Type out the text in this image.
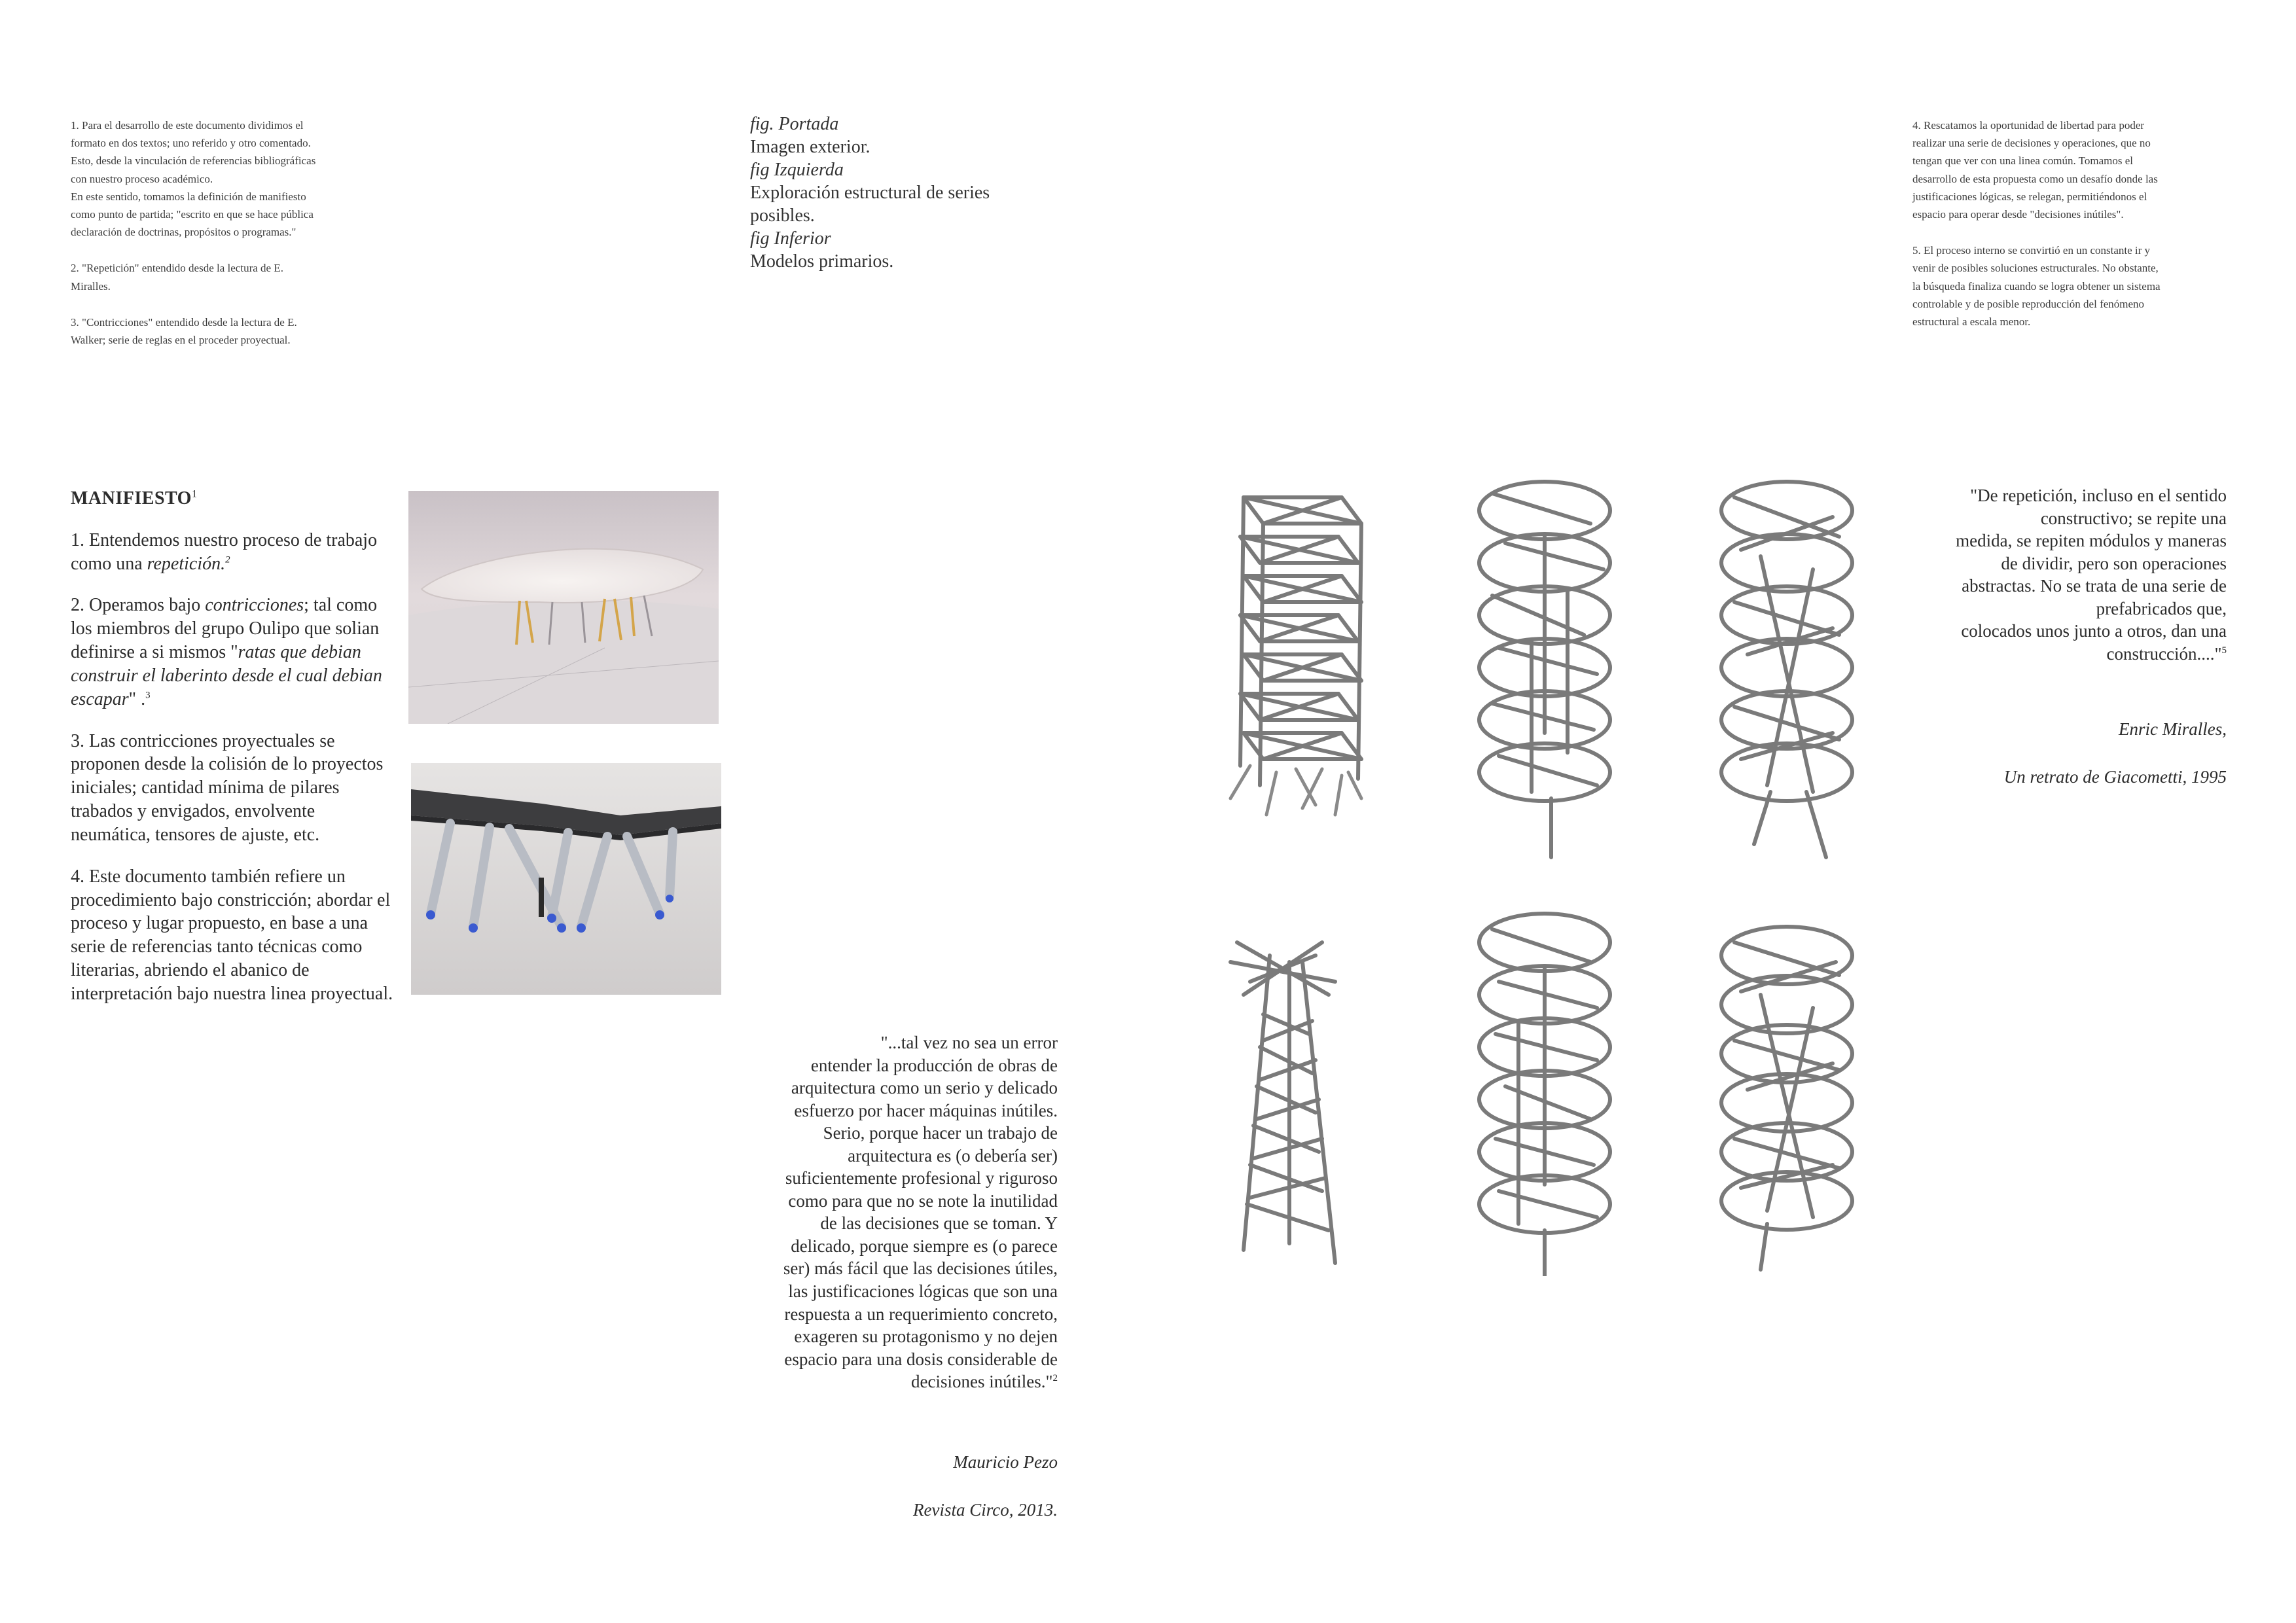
1. Para el desarrollo de este documento dividimos el
formato en dos textos; uno referido y otro comentado.
Esto, desde la vinculación de referencias bibliográficas
con nuestro proceso académico.
En este sentido, tomamos la definición de manifiesto
como punto de partida; "escrito en que se hace pública
declaración de doctrinas, propósitos o programas."

2. "Repetición" entendido desde la lectura de E.
Miralles.

3. "Contricciones" entendido desde la lectura de E.
Walker; serie de reglas en el proceder proyectual.

fig. Portada
Imagen exterior.
fig Izquierda
Exploración estructural de series
posibles.
fig Inferior
Modelos primarios.

4. Rescatamos la oportunidad de libertad para poder
realizar una serie de decisiones y operaciones, que no
tengan que ver con una linea común. Tomamos el
desarrollo de esta propuesta como un desafío donde las
justificaciones lógicas, se relegan, permitiéndonos el
espacio para operar desde "decisiones inútiles".

5. El proceso interno se convirtió en un constante ir y
venir de posibles soluciones estructurales. No obstante,
la búsqueda finaliza cuando se logra obtener un sistema
controlable y de posible reproducción del fenómeno
estructural a escala menor.

MANIFIESTO$^1$

1. Entendemos nuestro proceso de trabajo como una repetición.$^2$

2. Operamos bajo contricciones; tal como los miembros del grupo Oulipo que solian definirse a si mismos "ratas que debian construir el laberinto desde el cual debian escapar" .$^3$

3. Las contricciones proyectuales se proponen desde la colisión de lo proyectos iniciales; cantidad mínima de pilares trabados y envigados, envolvente neumática, tensores de ajuste, etc.

4. Este documento también refiere un procedimiento bajo constricción; abordar el proceso y lugar propuesto, en base a una serie de referencias tanto técnicas como literarias, abriendo el abanico de interpretación bajo nuestra linea proyectual.

"...tal vez no sea un error
entender la producción de obras de
arquitectura como un serio y delicado
esfuerzo por hacer máquinas inútiles.
Serio, porque hacer un trabajo de
arquitectura es (o debería ser)
suficientemente profesional y riguroso
como para que no se note la inutilidad
de las decisiones que se toman. Y
delicado, porque siempre es (o parece
ser) más fácil que las decisiones útiles,
las justificaciones lógicas que son una
respuesta a un requerimiento concreto,
exageren su protagonismo y no dejen
espacio para una dosis considerable de
decisiones inútiles."$^2$

Mauricio Pezo

Revista Circo, 2013.

"De repetición, incluso en el sentido
constructivo; se repite una
medida, se repiten módulos y maneras
de dividir, pero son operaciones
abstractas. No se trata de una serie de
prefabricados que,
colocados unos junto a otros, dan una
construcción...."$^5$

Enric Miralles,

Un retrato de Giacometti, 1995
